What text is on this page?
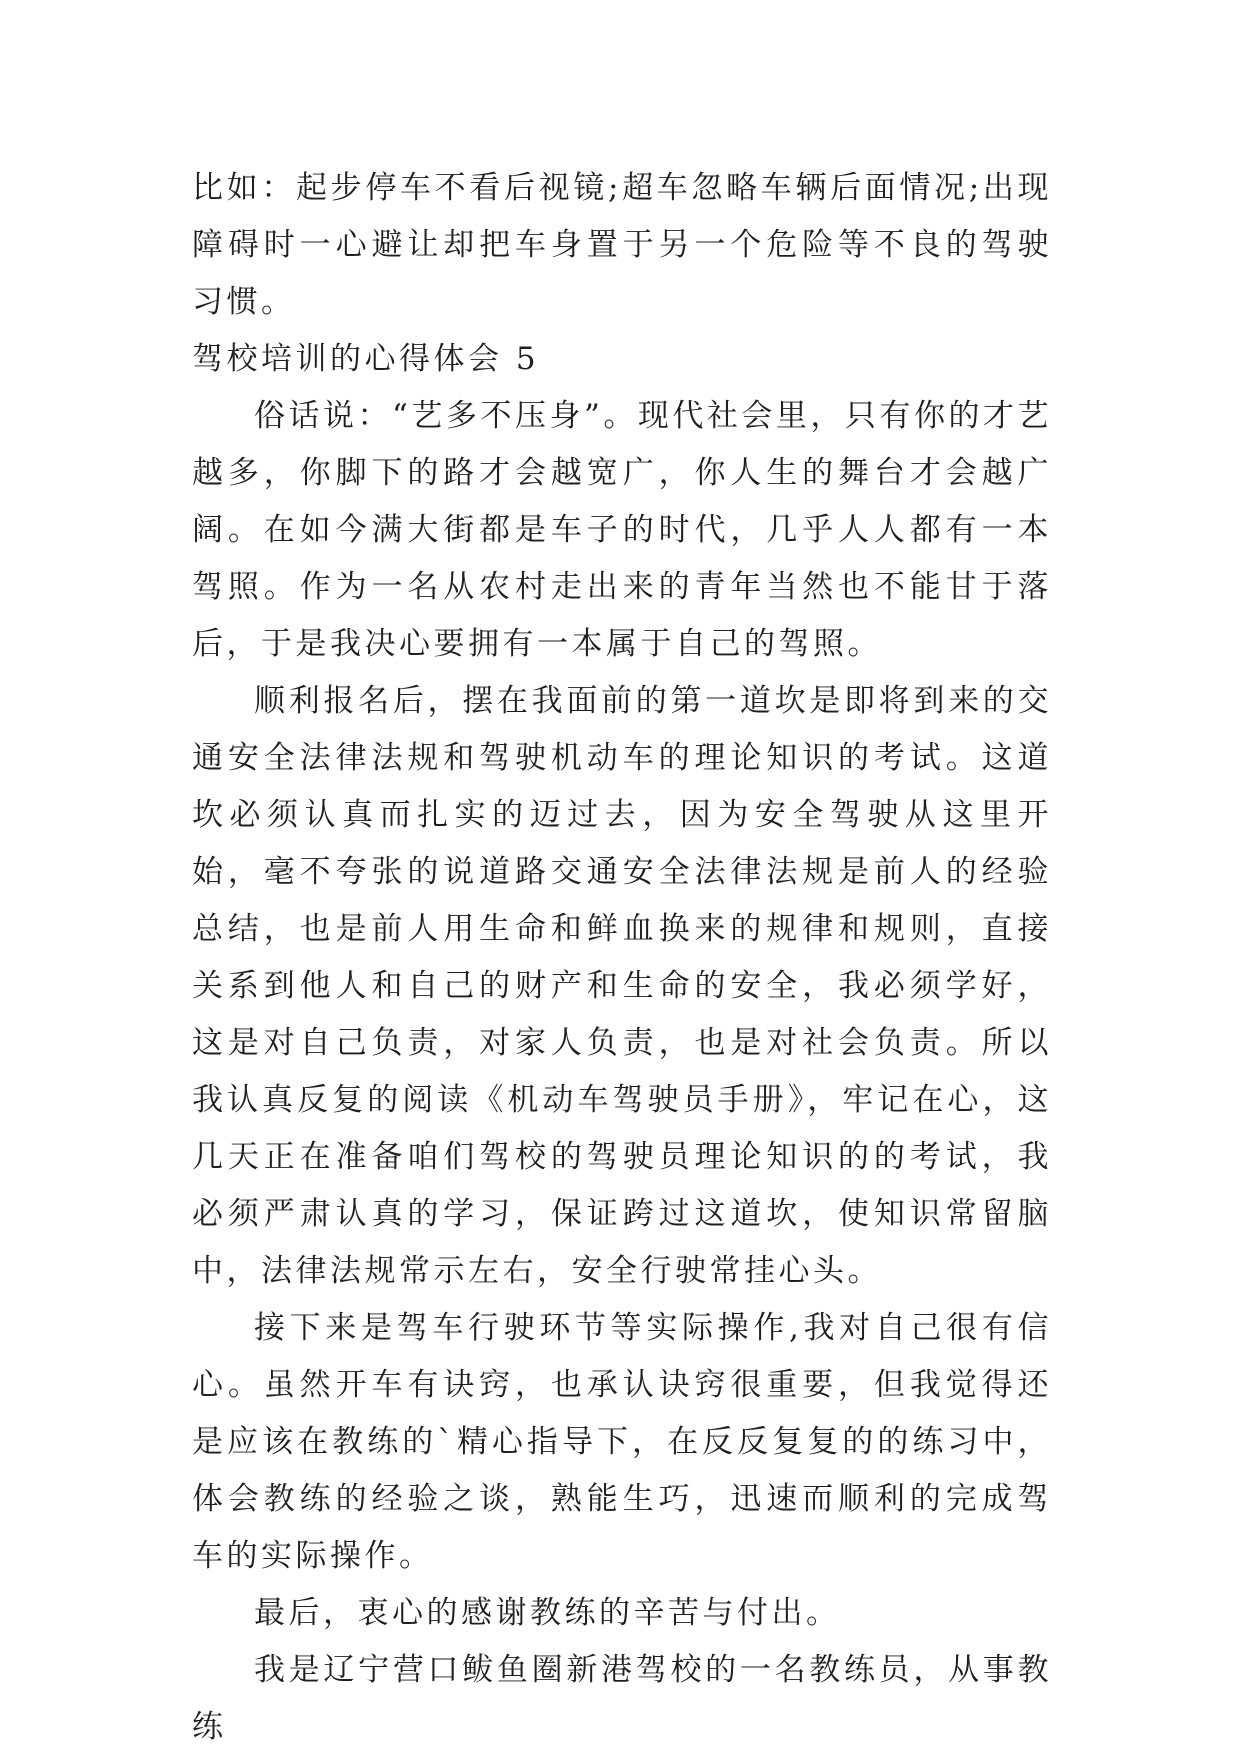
比如：起步停车不看后视镜;超车忽略车辆后面情况;出现障碍时一心避让却把车身置于另一个危险等不良的驾驶习惯。

驾校培训的心得体会 5

俗话说：“艺多不压身”。现代社会里，只有你的才艺越多，你脚下的路才会越宽广，你人生的舞台才会越广阔。在如今满大街都是车子的时代，几乎人人都有一本驾照。作为一名从农村走出来的青年当然也不能甘于落后，于是我决心要拥有一本属于自己的驾照。

顺利报名后，摆在我面前的第一道坎是即将到来的交通安全法律法规和驾驶机动车的理论知识的考试。这道坎必须认真而扎实的迈过去，因为安全驾驶从这里开始，毫不夸张的说道路交通安全法律法规是前人的经验总结，也是前人用生命和鲜血换来的规律和规则，直接关系到他人和自己的财产和生命的安全，我必须学好，这是对自己负责，对家人负责，也是对社会负责。所以我认真反复的阅读《机动车驾驶员手册》，牢记在心，这几天正在准备咱们驾校的驾驶员理论知识的的考试，我必须严肃认真的学习，保证跨过这道坎，使知识常留脑中，法律法规常示左右，安全行驶常挂心头。

接下来是驾车行驶环节等实际操作,我对自己很有信心。虽然开车有诀窍，也承认诀窍很重要，但我觉得还是应该在教练的`精心指导下，在反反复复的的练习中，体会教练的经验之谈，熟能生巧，迅速而顺利的完成驾车的实际操作。

最后，衷心的感谢教练的辛苦与付出。

我是辽宁营口鲅鱼圈新港驾校的一名教练员，从事教练
